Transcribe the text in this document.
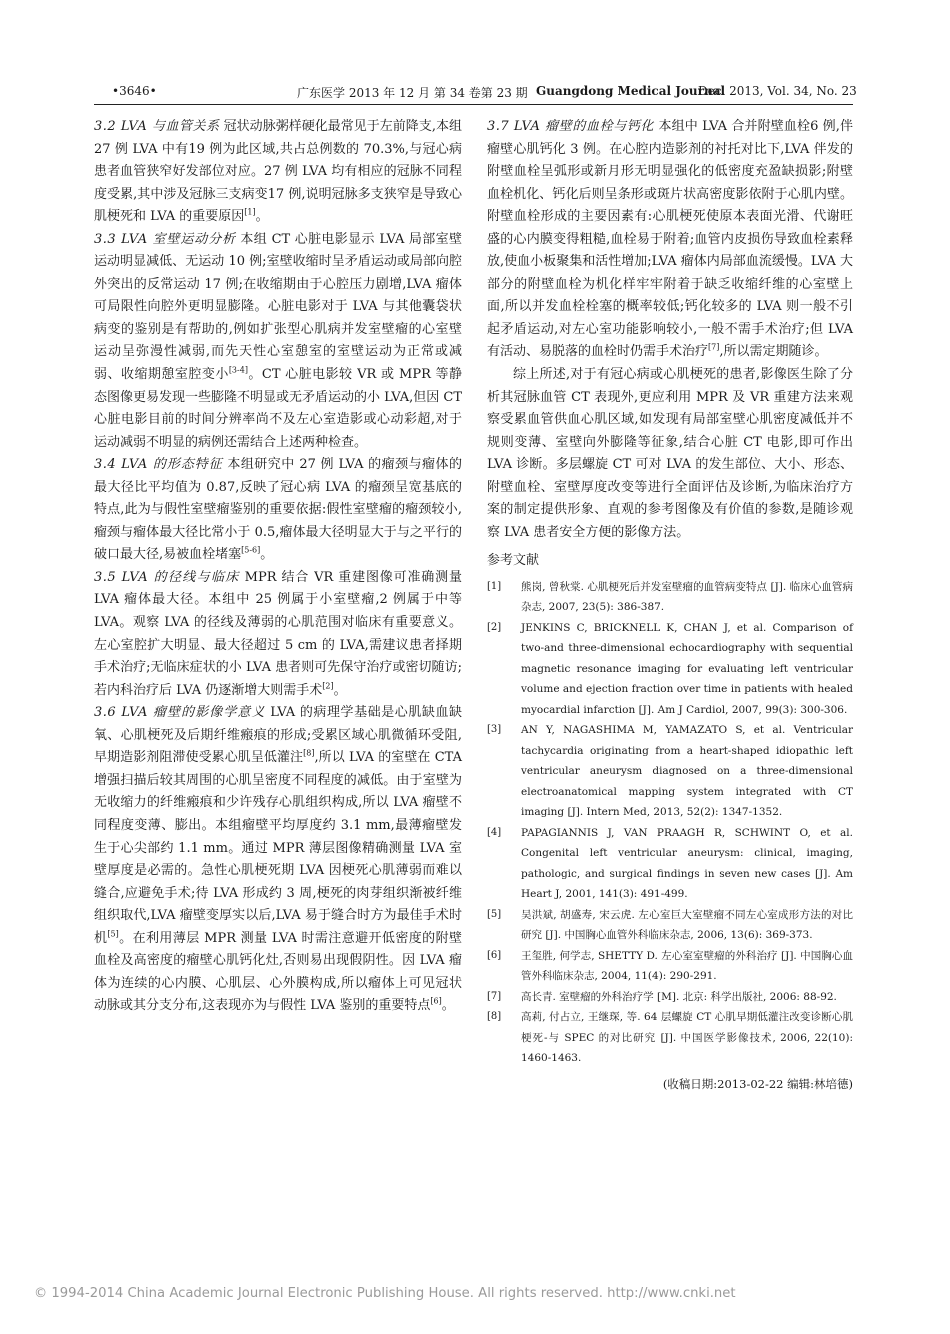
•3646•	广东医学 2013 年 12 月 第 34 卷第 23 期 Guangdong Medical Journal
Dec. 2013, Vol. 34, No. 23

3.2 LVA 与血管关系 冠状动脉粥样硬化最常见于左前降支,本组27 例 LVA 中有19 例为此区域,共占总例数的 70.3%,与冠心病患者血管狭窄好发部位对应。27 例 LVA 均有相应的冠脉不同程度受累,其中涉及冠脉三支病变17 例,说明冠脉多支狭窄是导致心肌梗死和 LVA 的重要原因[1]。

3.3 LVA 室壁运动分析 本组 CT 心脏电影显示 LVA 局部室壁运动明显减低、无运动 10 例;室壁收缩时呈矛盾运动或局部向腔外突出的反常运动 17 例;在收缩期由于心腔压力剧增,LVA 瘤体可局限性向腔外更明显膨隆。心脏电影对于 LVA 与其他囊袋状病变的鉴别是有帮助的,例如扩张型心肌病并发室壁瘤的心室壁运动呈弥漫性减弱,而先天性心室憩室的室壁运动为正常或减弱、收缩期憩室腔变小[3-4]。CT 心脏电影较 VR 或 MPR 等静态图像更易发现一些膨隆不明显或无矛盾运动的小 LVA,但因 CT 心脏电影目前的时间分辨率尚不及左心室造影或心动彩超,对于运动减弱不明显的病例还需结合上述两种检查。

3.4 LVA 的形态特征 本组研究中 27 例 LVA 的瘤颈与瘤体的最大径比平均值为 0.87,反映了冠心病 LVA 的瘤颈呈宽基底的特点,此为与假性室壁瘤鉴别的重要依据:假性室壁瘤的瘤颈较小,瘤颈与瘤体最大径比常小于 0.5,瘤体最大径明显大于与之平行的破口最大径,易被血栓堵塞[5-6]。

3.5 LVA 的径线与临床 MPR 结合 VR 重建图像可准确测量 LVA 瘤体最大径。本组中 25 例属于小室壁瘤,2 例属于中等 LVA。观察 LVA 的径线及薄弱的心肌范围对临床有重要意义。左心室腔扩大明显、最大径超过 5 cm 的 LVA,需建议患者择期手术治疗;无临床症状的小 LVA 患者则可先保守治疗或密切随访;若内科治疗后 LVA 仍逐渐增大则需手术[2]。

3.6 LVA 瘤壁的影像学意义 LVA 的病理学基础是心肌缺血缺氧、心肌梗死及后期纤维瘢痕的形成;受累区域心肌微循环受阻,早期造影剂阻滞使受累心肌呈低灌注[8],所以 LVA 的室壁在 CTA 增强扫描后较其周围的心肌呈密度不同程度的减低。由于室壁为无收缩力的纤维瘢痕和少许残存心肌组织构成,所以 LVA 瘤壁不同程度变薄、膨出。本组瘤壁平均厚度约 3.1 mm,最薄瘤壁发生于心尖部约 1.1 mm。通过 MPR 薄层图像精确测量 LVA 室壁厚度是必需的。急性心肌梗死期 LVA 因梗死心肌薄弱而难以缝合,应避免手术;待 LVA 形成约 3 周,梗死的肉芽组织渐被纤维组织取代,LVA 瘤壁变厚实以后,LVA 易于缝合时方为最佳手术时机[5]。在利用薄层 MPR 测量 LVA 时需注意避开低密度的附壁血栓及高密度的瘤壁心肌钙化灶,否则易出现假阴性。因 LVA 瘤体为连续的心内膜、心肌层、心外膜构成,所以瘤体上可见冠状动脉或其分支分布,这表现亦为与假性 LVA 鉴别的重要特点[6]。

3.7 LVA 瘤壁的血栓与钙化 本组中 LVA 合并附壁血栓6 例,伴瘤壁心肌钙化 3 例。在心腔内造影剂的衬托对比下,LVA 伴发的附壁血栓呈弧形或新月形无明显强化的低密度充盈缺损影;附壁血栓机化、钙化后则呈条形或斑片状高密度影依附于心肌内壁。附壁血栓形成的主要因素有:心肌梗死使原本表面光滑、代谢旺盛的心内膜变得粗糙,血栓易于附着;血管内皮损伤导致血栓素释放,使血小板聚集和活性增加;LVA 瘤体内局部血流缓慢。LVA 大部分的附壁血栓为机化样牢牢附着于缺乏收缩纤维的心室壁上面,所以并发血栓栓塞的概率较低;钙化较多的 LVA 则一般不引起矛盾运动,对左心室功能影响较小,一般不需手术治疗;但 LVA 有活动、易脱落的血栓时仍需手术治疗[7],所以需定期随诊。

综上所述,对于有冠心病或心肌梗死的患者,影像医生除了分析其冠脉血管 CT 表现外,更应利用 MPR 及 VR 重建方法来观察受累血管供血心肌区域,如发现有局部室壁心肌密度减低并不规则变薄、室壁向外膨隆等征象,结合心脏 CT 电影,即可作出 LVA 诊断。多层螺旋 CT 可对 LVA 的发生部位、大小、形态、附壁血栓、室壁厚度改变等进行全面评估及诊断,为临床治疗方案的制定提供形象、直观的参考图像及有价值的参数,是随诊观察 LVA 患者安全方便的影像方法。

参考文献

[1]	熊岗, 曾秋棠. 心肌梗死后并发室壁瘤的血管病变特点 [J]. 临床心血管病杂志, 2007, 23(5): 386-387.
[2]	JENKINS C, BRICKNELL K, CHAN J, et al. Comparison of two-and three-dimensional echocardiography with sequential magnetic resonance imaging for evaluating left ventricular volume and ejection fraction over time in patients with healed myocardial infarction [J]. Am J Cardiol, 2007, 99(3): 300-306.
[3]	AN Y, NAGASHIMA M, YAMAZATO S, et al. Ventricular tachycardia originating from a heart-shaped idiopathic left ventricular aneurysm diagnosed on a three-dimensional electroanatomical mapping system integrated with CT imaging [J]. Intern Med, 2013, 52(2): 1347-1352.
[4]	PAPAGIANNIS J, VAN PRAAGH R, SCHWINT O, et al. Congenital left ventricular aneurysm: clinical, imaging, pathologic, and surgical findings in seven new cases [J]. Am Heart J, 2001, 141(3): 491-499.
[5]	吴洪斌, 胡盛寿, 宋云虎. 左心室巨大室壁瘤不同左心室成形方法的对比研究 [J]. 中国胸心血管外科临床杂志, 2006, 13(6): 369-373.
[6]	王玺胜, 何学志, SHETTY D. 左心室室壁瘤的外科治疗 [J]. 中国胸心血管外科临床杂志, 2004, 11(4): 290-291.
[7]	高长青. 室壁瘤的外科治疗学 [M]. 北京: 科学出版社, 2006: 88-92.
[8]	高莉, 付占立, 王继琛, 等. 64 层螺旋 CT 心肌早期低灌注改变诊断心肌梗死-与 SPEC 的对比研究 [J]. 中国医学影像技术, 2006, 22(10): 1460-1463.

(收稿日期:2013-02-22 编辑:林培德)

© 1994-2014 China Academic Journal Electronic Publishing House. All rights reserved. http://www.cnki.net
